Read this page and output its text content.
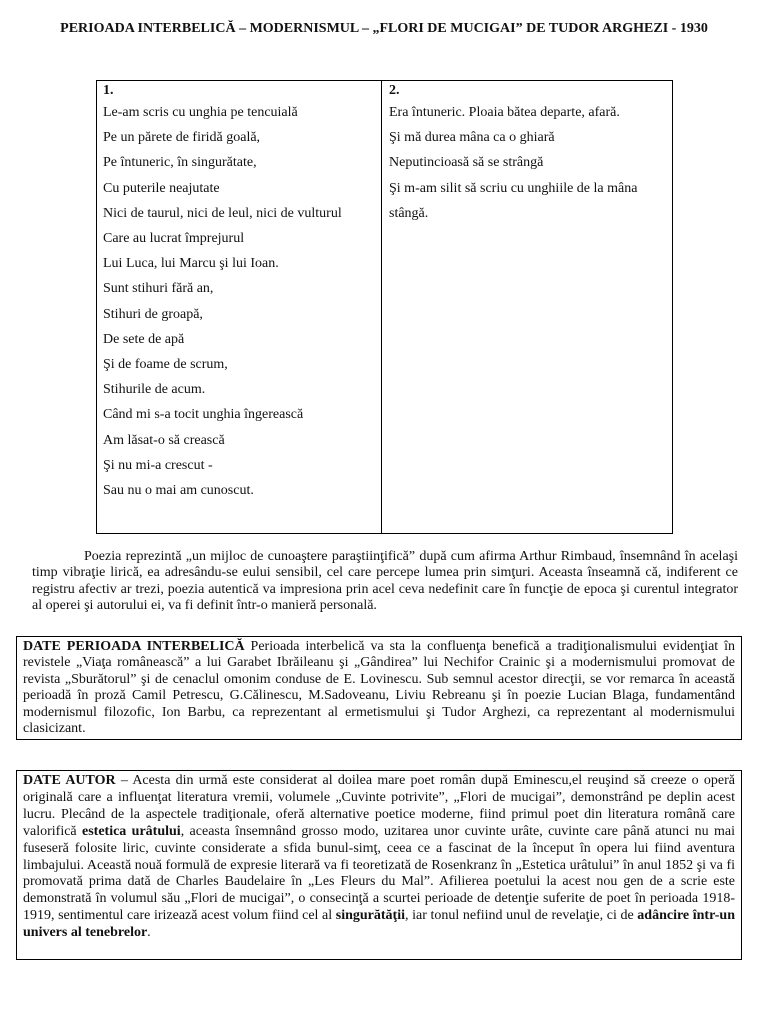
PERIOADA INTERBELICĂ – MODERNISMUL – „FLORI DE MUCIGAI” DE TUDOR ARGHEZI - 1930
1.
Le-am scris cu unghia pe tencuială
Pe un părete de firidă goală,
Pe întuneric, în singurătate,
Cu puterile neajutate
Nici de taurul, nici de leul, nici de vulturul
Care au lucrat împrejurul
Lui Luca, lui Marcu şi lui Ioan.
Sunt stihuri fără an,
Stihuri de groapă,
De sete de apă
Şi de foame de scrum,
Stihurile de acum.
Când mi s-a tocit unghia îngerească
Am lăsat-o să crească
Şi nu mi-a crescut -
Sau nu o mai am cunoscut.
2.
Era întuneric. Ploaia bătea departe, afară.
Şi mă durea mâna ca o ghiară
Neputincioasă să se strângă
Şi m-am silit să scriu cu unghiile de la mâna stângă.
Poezia reprezintă „un mijloc de cunoaştere paraştiinţifică” după cum afirma Arthur Rimbaud, însemnând în acelaşi timp vibraţie lirică, ea adresându-se eului sensibil, cel care percepe lumea prin simţuri. Aceasta înseamnă că, indiferent ce registru afectiv ar trezi, poezia autentică va impresiona prin acel ceva nedefinit care în funcţie de epoca şi curentul integrator al operei şi autorului ei, va fi definit într-o manieră personală.
DATE PERIOADA INTERBELICĂ Perioada interbelică va sta la confluenţa benefică a tradiţionalismului evidenţiat în revistele „Viaţa românească” a lui Garabet Ibrăileanu şi „Gândirea” lui Nechifor Crainic şi a modernismului promovat de revista „Sburătorul” şi de cenaclul omonim conduse de E. Lovinescu. Sub semnul acestor direcţii, se vor remarca în această perioadă în proză Camil Petrescu, G.Călinescu, M.Sadoveanu, Liviu Rebreanu şi în poezie Lucian Blaga, fundamentând modernismul filozofic, Ion Barbu, ca reprezentant al ermetismului şi Tudor Arghezi, ca reprezentant al modernismului clasicizant.
DATE AUTOR – Acesta din urmă este considerat al doilea mare poet român după Eminescu,el reuşind să creeze o operă originală care a influenţat literatura vremii, volumele „Cuvinte potrivite”, „Flori de mucigai”, demonstrând pe deplin acest lucru. Plecând de la aspectele tradiţionale, oferă alternative poetice moderne, fiind primul poet din literatura română care valorifică estetica urâtului, aceasta însemnând grosso modo, uzitarea unor cuvinte urâte, cuvinte care până atunci nu mai fuseseră folosite liric, cuvinte considerate a sfida bunul-simţ, ceea ce a fascinat de la început în opera lui fiind aventura limbajului. Această nouă formulă de expresie literară va fi teoretizată de Rosenkranz în „Estetica urâtului” în anul 1852 şi va fi promovată prima dată de Charles Baudelaire în „Les Fleurs du Mal”. Afilierea poetului la acest nou gen de a scrie este demonstrată în volumul său „Flori de mucigai”, o consecinţă a scurtei perioade de detenţie suferite de poet în perioada 1918-1919, sentimentul care irizează acest volum fiind cel al singurătăţii, iar tonul nefiind unul de revelaţie, ci de adâncire într-un univers al tenebrelor.
